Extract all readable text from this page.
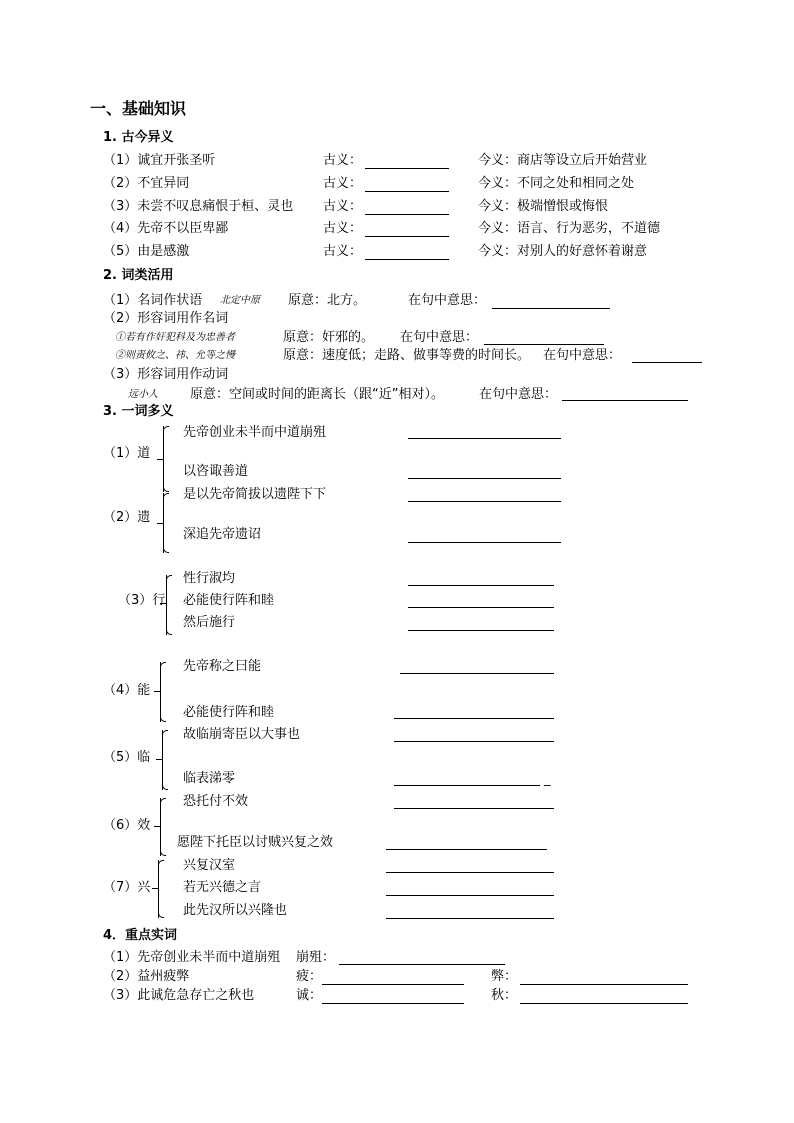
一、基础知识
1. 古今异义
（1）诚宜开张圣听	古义：	今义：商店等设立后开始营业
（2）不宜异同	古义：	今义：不同之处和相同之处
（3）未尝不叹息痛恨于桓、灵也 古义：	今义：极端憎恨或悔恨
（4）先帝不以臣卑鄙	古义：	今义：语言、行为恶劣，不道德
（5）由是感激	古义：	今义：对别人的好意怀着谢意
2. 词类活用
（1）名词作状语 北定中原 原意：北方。	在句中意思：
（2）形容词用作名词
①若有作奸犯科及为忠善者	原意：奸邪的。 在句中意思：
②则责攸之、祎、允等之慢	原意：速度低；走路、做事等费的时间长。 在句中意思：
（3）形容词用作动词
远小人 原意：空间或时间的距离长（跟“近”相对）。	在句中意思：
3. 一词多义
（1）道
先帝创业未半而中道崩殂
以咨诹善道
（2）遗
是以先帝简拔以遗陛下下
深追先帝遗诏
（3）行
性行淑均
必能使行阵和睦
然后施行
（4）能
先帝称之曰能
必能使行阵和睦
（5）临
故临崩寄臣以大事也
临表涕零	_
（6）效
恐托付不效
愿陛下托臣以讨贼兴复之效
（7）兴
兴复汉室
若无兴德之言
此先汉所以兴隆也
4．重点实词
（1）先帝创业未半而中道崩殂 崩殂：
（2）益州疲弊	疲：	弊：
（3）此诚危急存亡之秋也	诚：	秋：
